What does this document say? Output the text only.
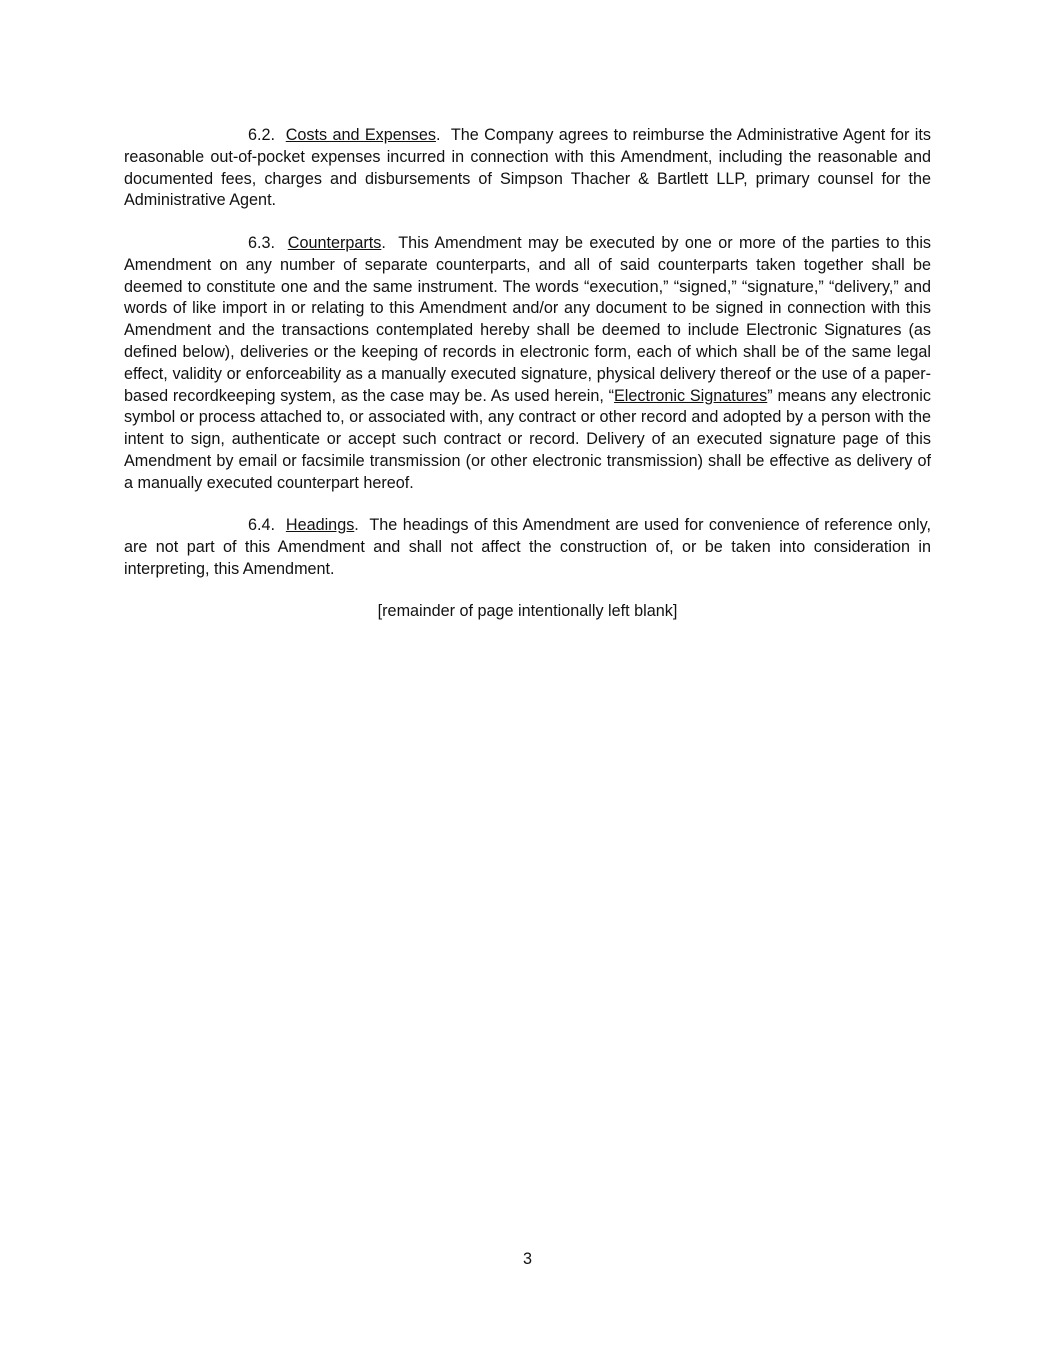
6.2. Costs and Expenses.  The Company agrees to reimburse the Administrative Agent for its reasonable out-of-pocket expenses incurred in connection with this Amendment, including the reasonable and documented fees, charges and disbursements of Simpson Thacher & Bartlett LLP, primary counsel for the Administrative Agent.

6.3. Counterparts.  This Amendment may be executed by one or more of the parties to this Amendment on any number of separate counterparts, and all of said counterparts taken together shall be deemed to constitute one and the same instrument. The words “execution,” “signed,” “signature,” “delivery,” and words of like import in or relating to this Amendment and/or any document to be signed in connection with this Amendment and the transactions contemplated hereby shall be deemed to include Electronic Signatures (as defined below), deliveries or the keeping of records in electronic form, each of which shall be of the same legal effect, validity or enforceability as a manually executed signature, physical delivery thereof or the use of a paper-based recordkeeping system, as the case may be. As used herein, “Electronic Signatures” means any electronic symbol or process attached to, or associated with, any contract or other record and adopted by a person with the intent to sign, authenticate or accept such contract or record. Delivery of an executed signature page of this Amendment by email or facsimile transmission (or other electronic transmission) shall be effective as delivery of a manually executed counterpart hereof.

6.4. Headings.  The headings of this Amendment are used for convenience of reference only, are not part of this Amendment and shall not affect the construction of, or be taken into consideration in interpreting, this Amendment.

[remainder of page intentionally left blank]
3
